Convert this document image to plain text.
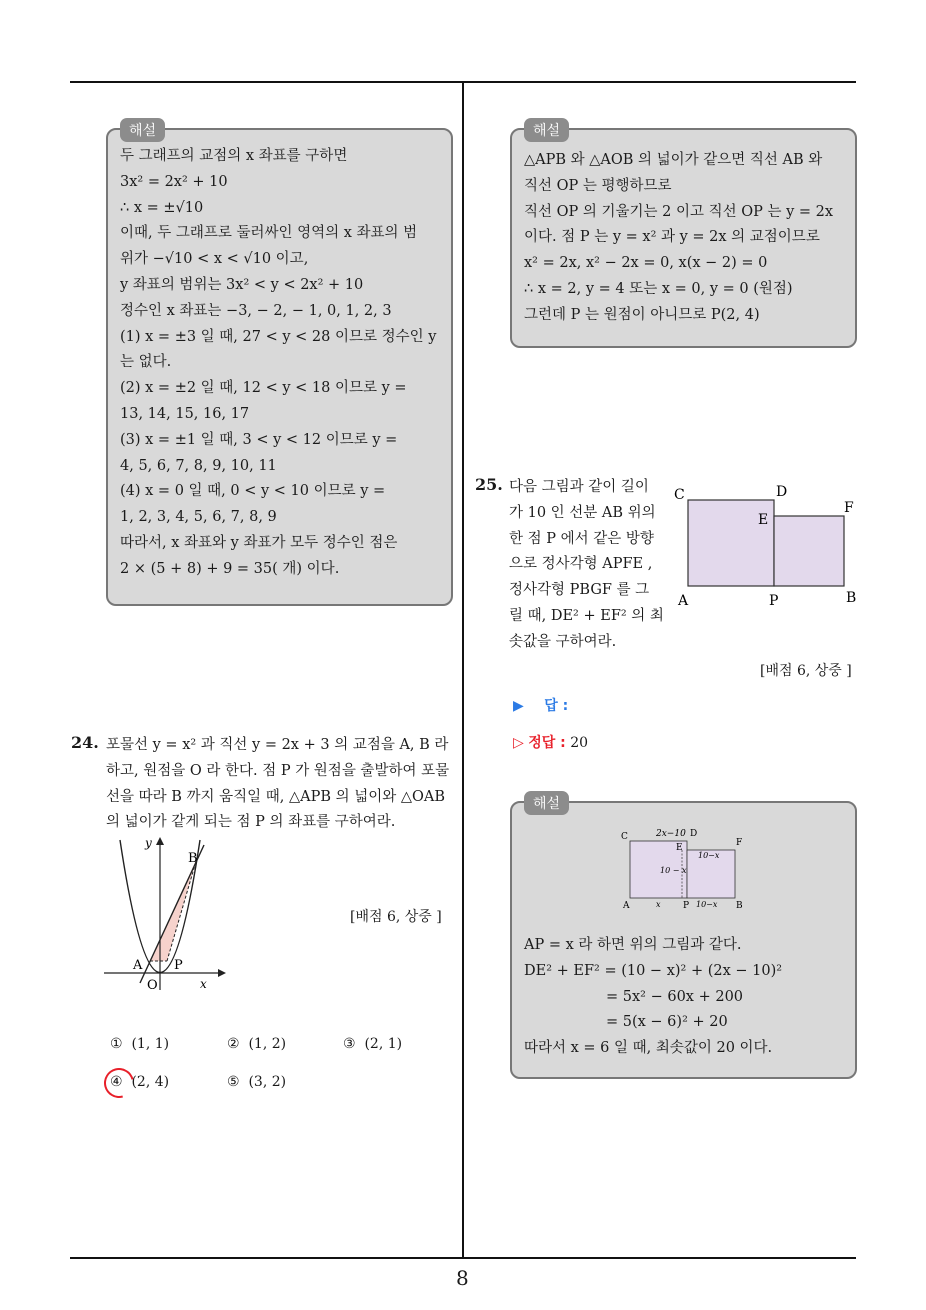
해설
두 그래프의 교점의 x 좌표를 구하면
3x² = 2x² + 10
∴ x = ±√10
이때, 두 그래프로 둘러싸인 영역의 x 좌표의 범
위가 −√10 < x < √10 이고,
y 좌표의 범위는 3x² < y < 2x² + 10
정수인 x 좌표는 −3, − 2, − 1, 0, 1, 2, 3
(1) x = ±3 일 때, 27 < y < 28 이므로 정수인 y
는 없다.
(2) x = ±2 일 때, 12 < y < 18 이므로 y =
13, 14, 15, 16, 17
(3) x = ±1 일 때, 3 < y < 12 이므로 y =
4, 5, 6, 7, 8, 9, 10, 11
(4) x = 0 일 때, 0 < y < 10 이므로 y =
1, 2, 3, 4, 5, 6, 7, 8, 9
따라서, x 좌표와 y 좌표가 모두 정수인 점은
2 × (5 + 8) + 9 = 35( 개) 이다.
24. 포물선 y = x² 과 직선 y = 2x + 3 의 교점을 A, B 라
하고, 원점을 O 라 한다. 점 P 가 원점을 출발하여 포물
선을 따라 B 까지 움직일 때, △APB 의 넓이와 △OAB
의 넓이가 같게 되는 점 P 의 좌표를 구하여라.
y
B
A P
O	x
[배점 6, 상중 ]
① (1, 1)	② (1, 2)	③ (2, 1)
④ (2, 4)	⑤ (3, 2)
해설
△APB 와 △AOB 의 넓이가 같으면 직선 AB 와
직선 OP 는 평행하므로
직선 OP 의 기울기는 2 이고 직선 OP 는 y = 2x
이다. 점 P 는 y = x² 과 y = 2x 의 교점이므로
x² = 2x, x² − 2x = 0, x(x − 2) = 0
∴ x = 2, y = 4 또는 x = 0, y = 0 (원점)
그런데 P 는 원점이 아니므로 P(2, 4)
25. 다음 그림과 같이 길이
가 10 인 선분 AB 위의
한 점 P 에서 같은 방향
으로 정사각형 APFE ,
정사각형 PBGF 를 그
릴 때, DE² + EF² 의 최
솟값을 구하여라.
C	D
E
F
A	P	B
[배점 6, 상중 ]
▶ 답 :
▷ 정답 : 20
해설
C	2x−10 D
E	F
10−x
10 − x
A	x P 10−x B
AP = x 라 하면 위의 그림과 같다.
DE² + EF² = (10 − x)² + (2x − 10)²
= 5x² − 60x + 200
= 5(x − 6)² + 20
따라서 x = 6 일 때, 최솟값이 20 이다.
8
